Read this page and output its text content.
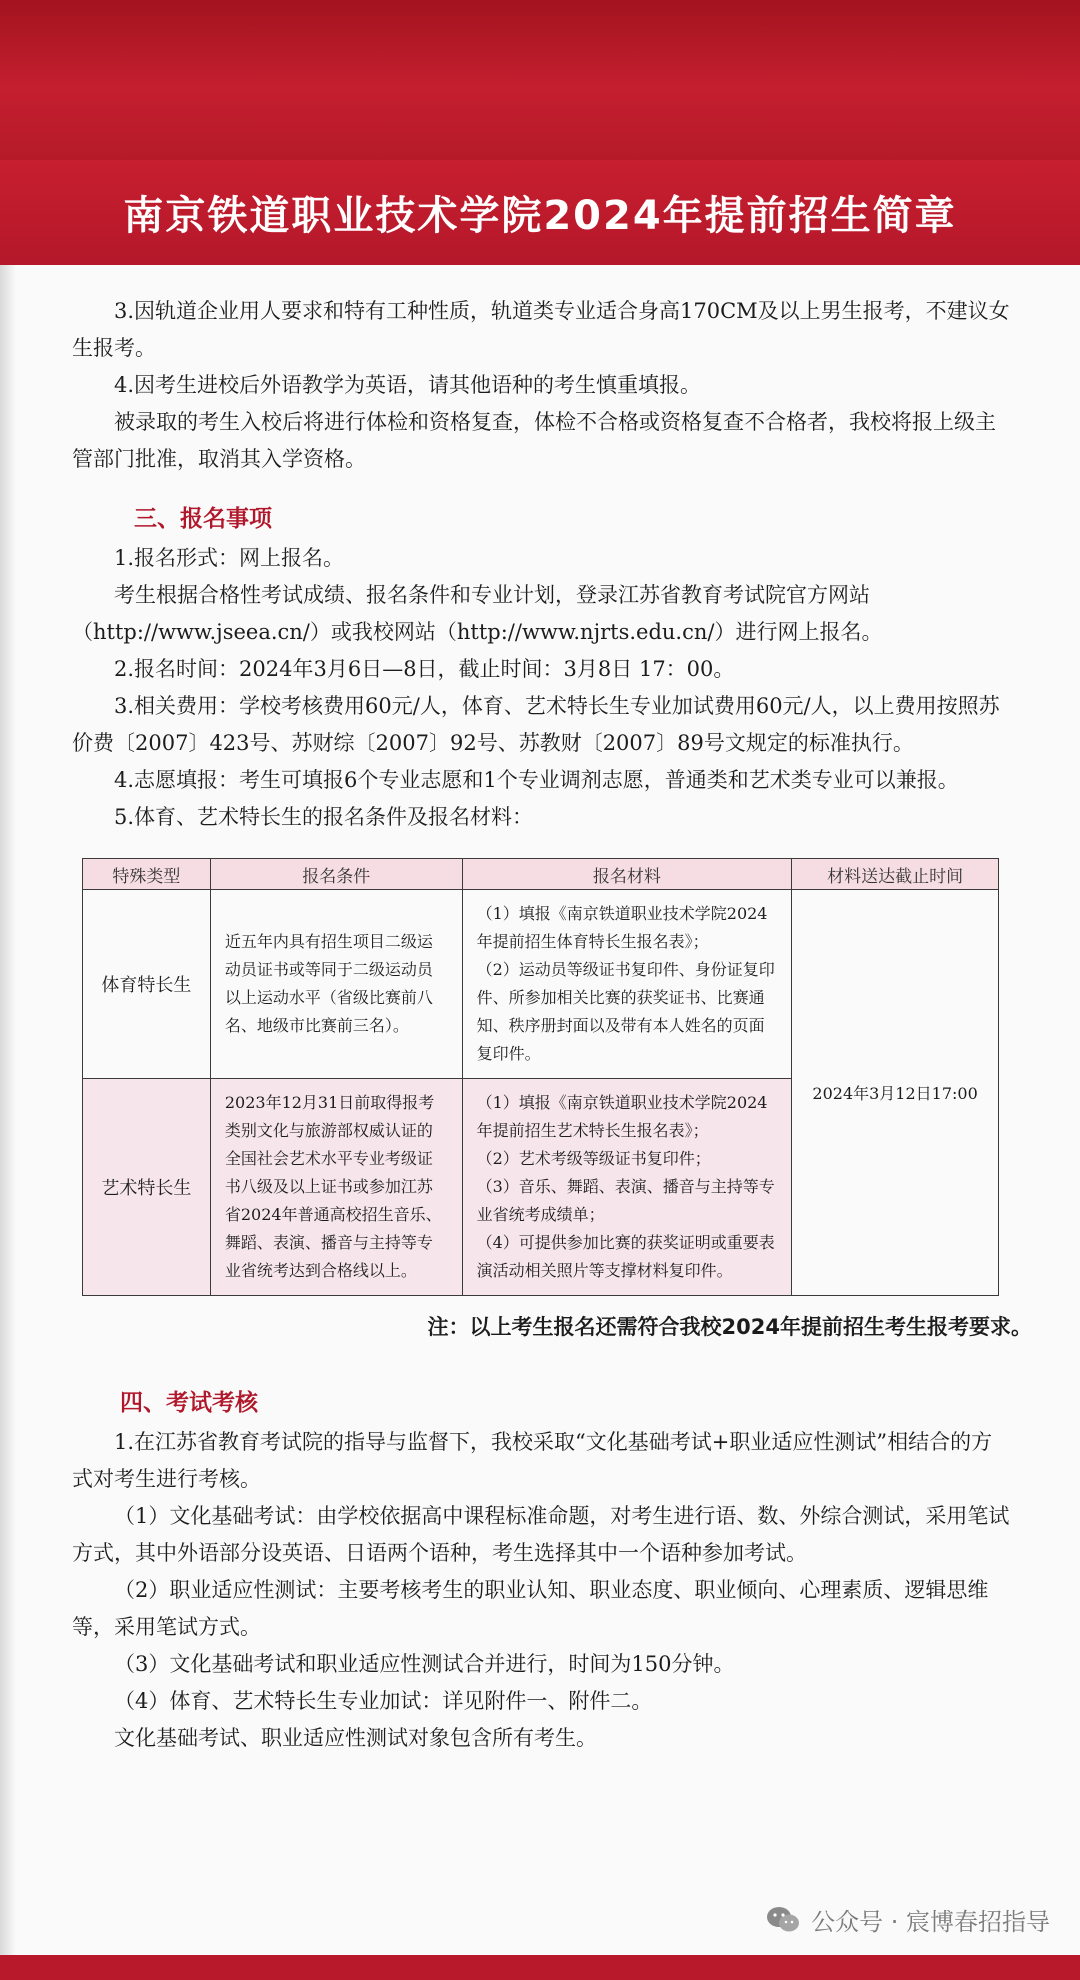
南京铁道职业技术学院2024年提前招生简章

3.因轨道企业用人要求和特有工种性质，轨道类专业适合身高170CM及以上男生报考，不建议女生报考。

4.因考生进校后外语教学为英语，请其他语种的考生慎重填报。

被录取的考生入校后将进行体检和资格复查，体检不合格或资格复查不合格者，我校将报上级主管部门批准，取消其入学资格。

三、报名事项

1.报名形式：网上报名。

考生根据合格性考试成绩、报名条件和专业计划，登录江苏省教育考试院官方网站（http://www.jseea.cn/）或我校网站（http://www.njrts.edu.cn/）进行网上报名。

2.报名时间：2024年3月6日—8日，截止时间：3月8日 17：00。

3.相关费用：学校考核费用60元/人，体育、艺术特长生专业加试费用60元/人，以上费用按照苏价费〔2007〕423号、苏财综〔2007〕92号、苏教财〔2007〕89号文规定的标准执行。

4.志愿填报：考生可填报6个专业志愿和1个专业调剂志愿，普通类和艺术类专业可以兼报。

5.体育、艺术特长生的报名条件及报名材料：

特殊类型	报名条件	报名材料	材料送达截止时间
体育特长生	近五年内具有招生项目二级运动员证书或等同于二级运动员以上运动水平（省级比赛前八名、地级市比赛前三名）。	（1）填报《南京铁道职业技术学院2024年提前招生体育特长生报名表》；
（2）运动员等级证书复印件、身份证复印件、所参加相关比赛的获奖证书、比赛通知、秩序册封面以及带有本人姓名的页面复印件。	2024年3月12日17:00
艺术特长生	2023年12月31日前取得报考类别文化与旅游部权威认证的全国社会艺术水平专业考级证书八级及以上证书或参加江苏省2024年普通高校招生音乐、舞蹈、表演、播音与主持等专业省统考达到合格线以上。	（1）填报《南京铁道职业技术学院2024年提前招生艺术特长生报名表》；
（2）艺术考级等级证书复印件；
（3）音乐、舞蹈、表演、播音与主持等专业省统考成绩单；
（4）可提供参加比赛的获奖证明或重要表演活动相关照片等支撑材料复印件。	
注：以上考生报名还需符合我校2024年提前招生考生报考要求。
四、考试考核

1.在江苏省教育考试院的指导与监督下，我校采取“文化基础考试+职业适应性测试”相结合的方式对考生进行考核。

（1）文化基础考试：由学校依据高中课程标准命题，对考生进行语、数、外综合测试，采用笔试方式，其中外语部分设英语、日语两个语种，考生选择其中一个语种参加考试。

（2）职业适应性测试：主要考核考生的职业认知、职业态度、职业倾向、心理素质、逻辑思维等，采用笔试方式。

（3）文化基础考试和职业适应性测试合并进行，时间为150分钟。

（4）体育、艺术特长生专业加试：详见附件一、附件二。

文化基础考试、职业适应性测试对象包含所有考生。

公众号 · 宸博春招指导
